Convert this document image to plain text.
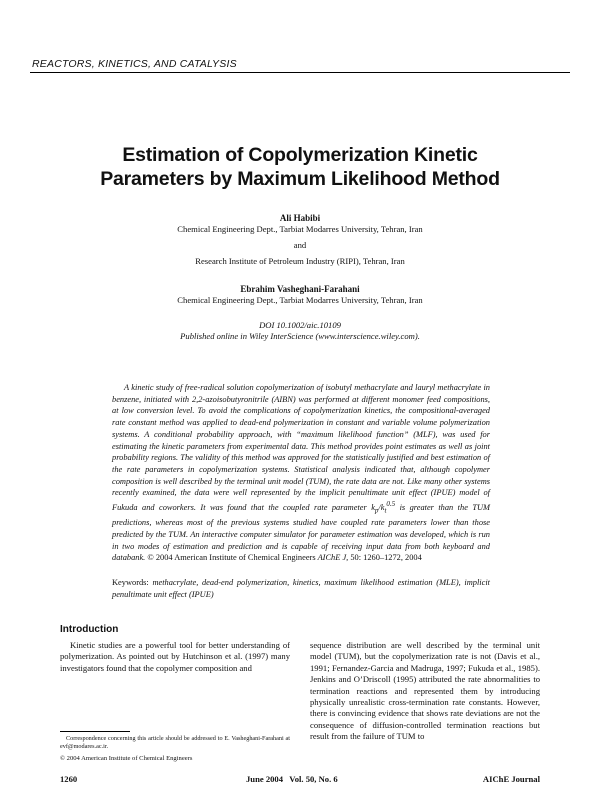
REACTORS, KINETICS, AND CATALYSIS
Estimation of Copolymerization Kinetic
Parameters by Maximum Likelihood Method
Ali Habibi
Chemical Engineering Dept., Tarbiat Modarres University, Tehran, Iran
and
Research Institute of Petroleum Industry (RIPI), Tehran, Iran
Ebrahim Vasheghani-Farahani
Chemical Engineering Dept., Tarbiat Modarres University, Tehran, Iran
DOI 10.1002/aic.10109
Published online in Wiley InterScience (www.interscience.wiley.com).
A kinetic study of free-radical solution copolymerization of isobutyl methacrylate and lauryl methacrylate in benzene, initiated with 2,2-azoisobutyronitrile (AIBN) was performed at different monomer feed compositions, at low conversion level. To avoid the complications of copolymerization kinetics, the compositional-averaged rate constant method was applied to dead-end polymerization in constant and variable volume polymerization systems. A conditional probability approach, with “maximum likelihood function” (MLF), was used for estimating the kinetic parameters from experimental data. This method provides point estimates as well as joint probability regions. The validity of this method was approved for the statistically justified and best estimation of the rate parameters in copolymerization systems. Statistical analysis indicated that, although copolymer composition is well described by the terminal unit model (TUM), the rate data are not. Like many other systems recently examined, the data were well represented by the implicit penultimate unit effect (IPUE) model of Fukuda and coworkers. It was found that the coupled rate parameter $k_p/k_t^{0.5}$ is greater than the TUM predictions, whereas most of the previous systems studied have coupled rate parameters lower than those predicted by the TUM. An interactive computer simulator for parameter estimation was developed, which is run in two modes of estimation and prediction and is capable of receiving input data from both keyboard and databank. © 2004 American Institute of Chemical Engineers AIChE J, 50: 1260–1272, 2004
Keywords: methacrylate, dead-end polymerization, kinetics, maximum likelihood estimation (MLE), implicit penultimate unit effect (IPUE)
Introduction
Kinetic studies are a powerful tool for better understanding of polymerization. As pointed out by Hutchinson et al. (1997) many investigators found that the copolymer composition and
sequence distribution are well described by the terminal unit model (TUM), but the copolymerization rate is not (Davis et al., 1991; Fernandez-Garcia and Madruga, 1997; Fukuda et al., 1985). Jenkins and O’Driscoll (1995) attributed the rate abnormalities to termination reactions and represented them by introducing physically unrealistic cross-termination rate constants. However, there is convincing evidence that shows rate deviations are not the consequence of diffusion-controlled termination reactions but result from the failure of TUM to
Correspondence concerning this article should be addressed to E. Vasheghani-Farahani at evf@modares.ac.ir.
© 2004 American Institute of Chemical Engineers
1260	June 2004   Vol. 50, No. 6	AIChE Journal
